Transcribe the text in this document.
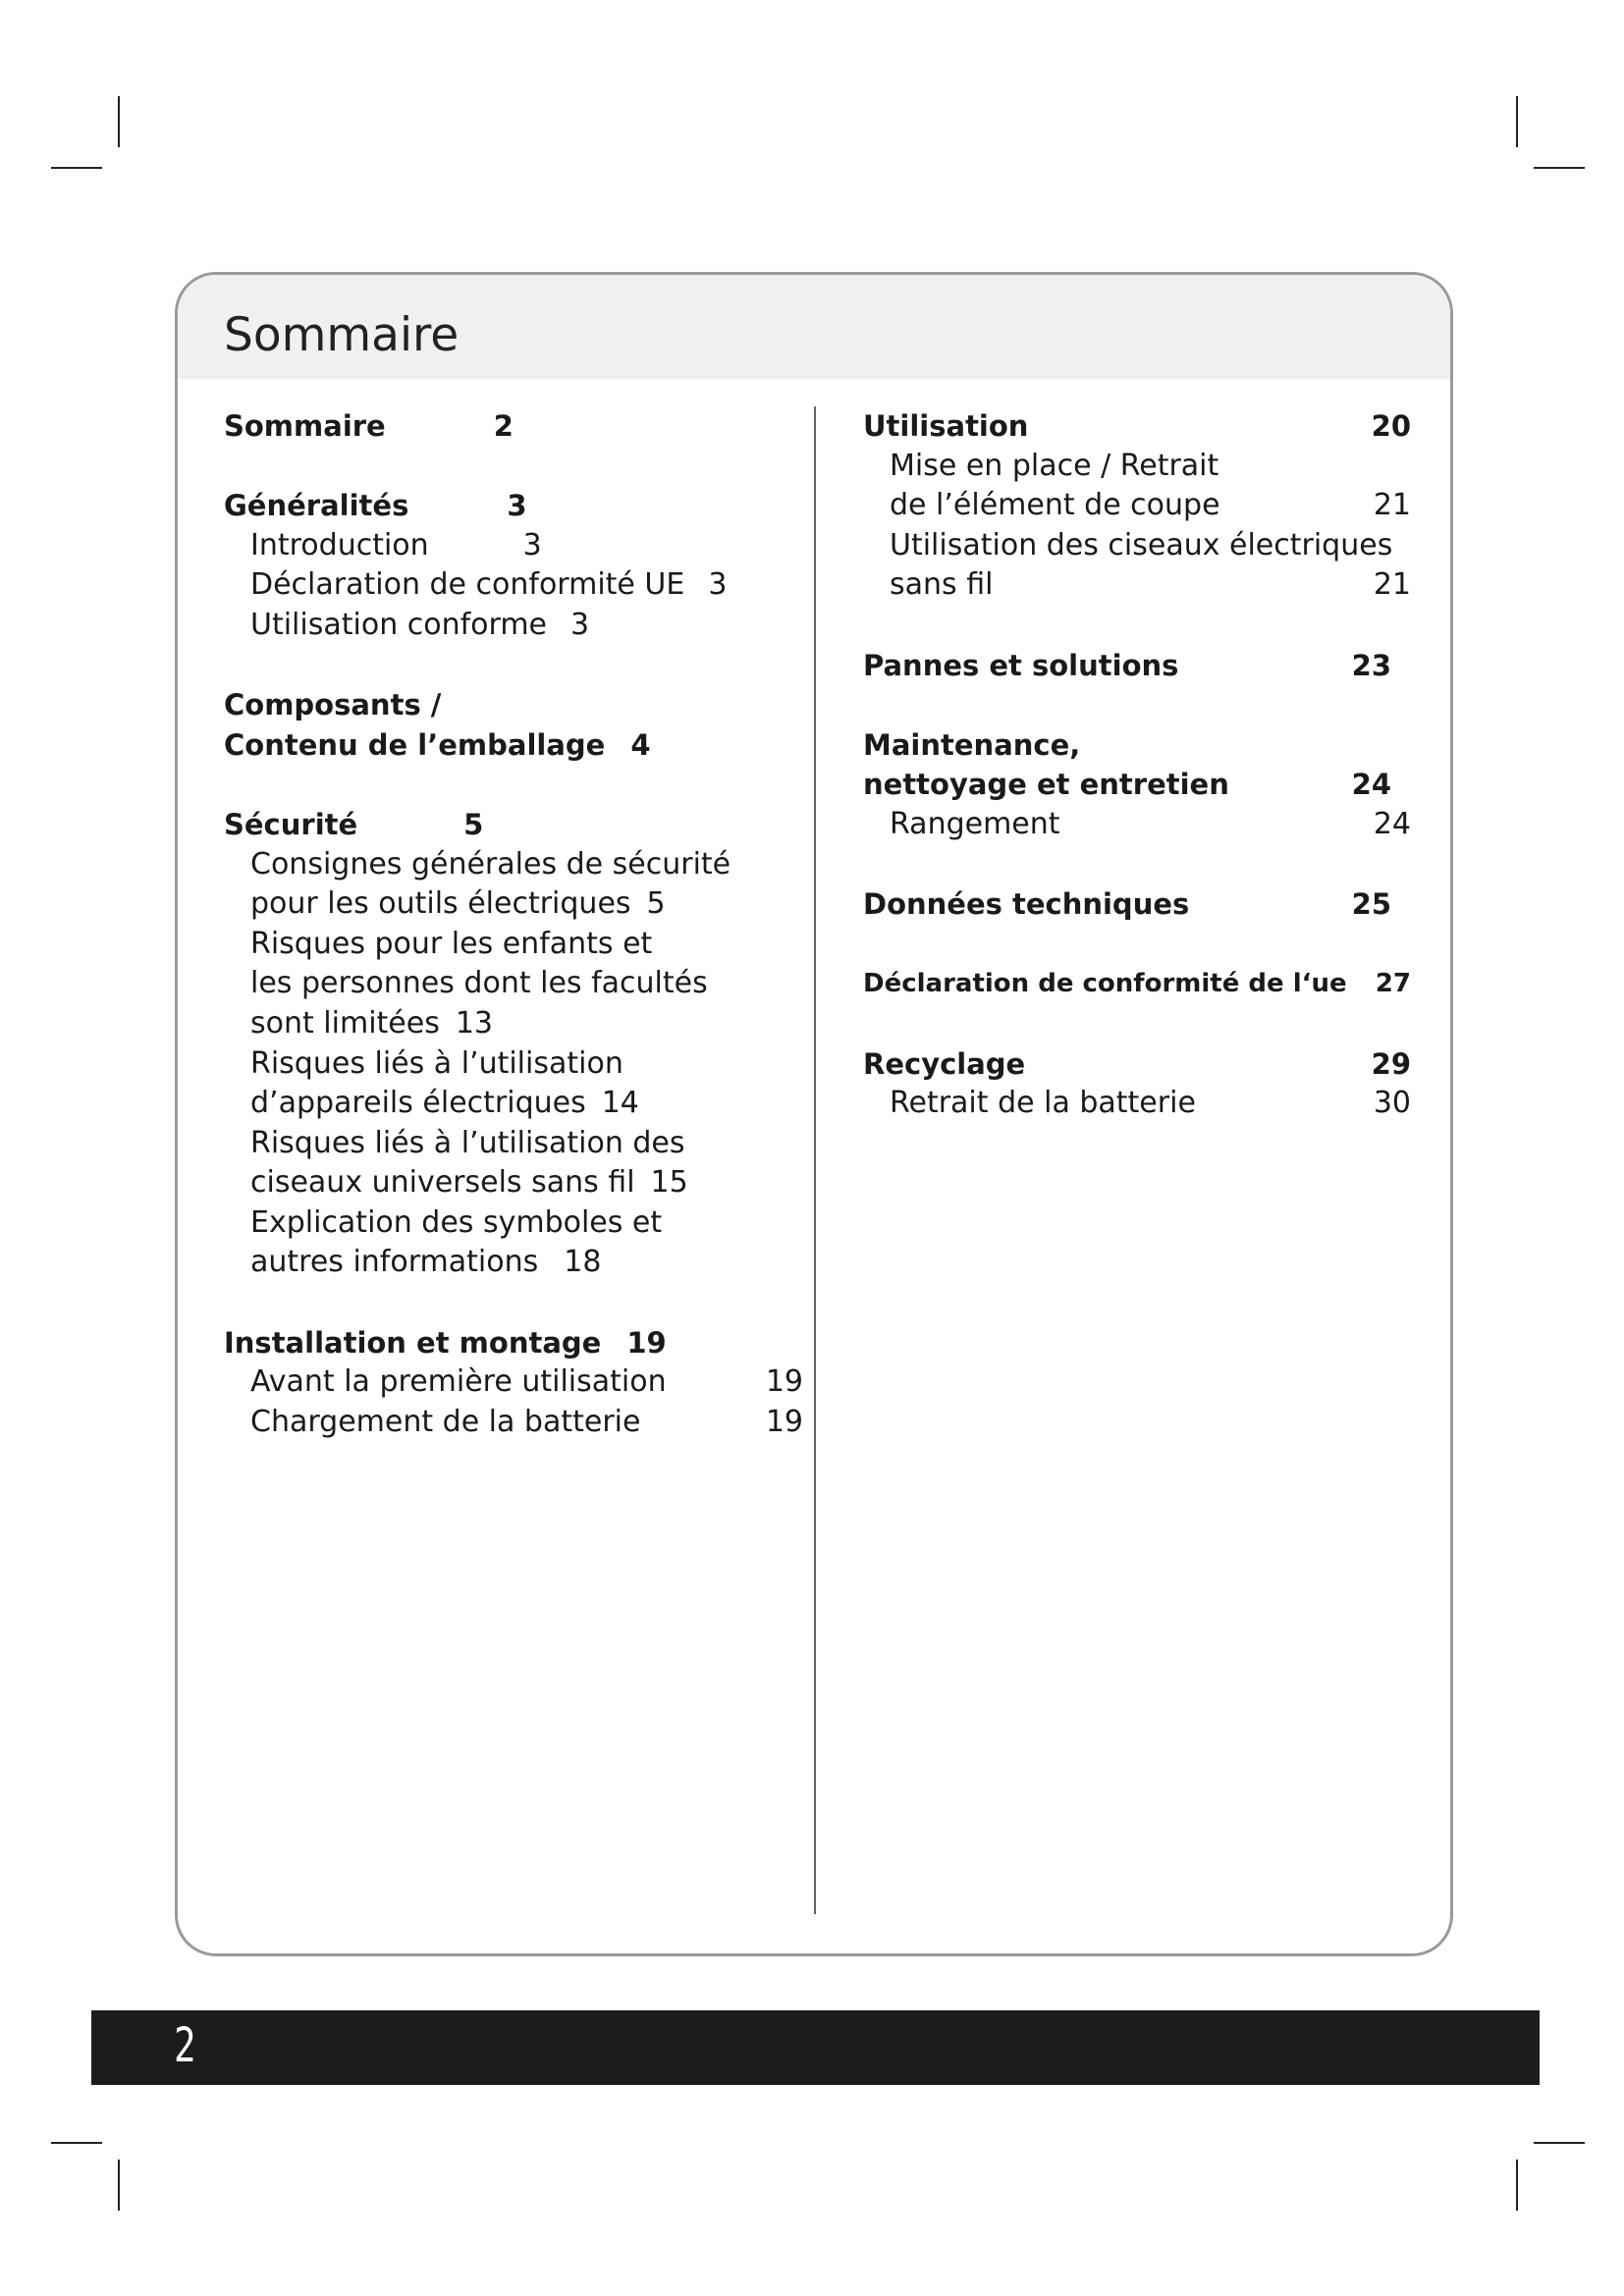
Sommaire
Sommaire	2
Généralités	3
Introduction	3
Déclaration de conformité UE 3
Utilisation conforme 3
Composants /
Contenu de l’emballage 4
Sécurité	5
Consignes générales de sécurité
pour les outils électriques 5
Risques pour les enfants et
les personnes dont les facultés
sont limitées 13
Risques liés à l’utilisation
d’appareils électriques 14
Risques liés à l’utilisation des
ciseaux universels sans fil 15
Explication des symboles et
autres informations 18
Installation et montage 19
Avant la première utilisation	19
Chargement de la batterie	19
Utilisation	20
Mise en place / Retrait
de l’élément de coupe	21
Utilisation des ciseaux électriques
sans fil	21
Pannes et solutions	23
Maintenance,
nettoyage et entretien	24
Rangement	24
Données techniques	25
Déclaration de conformité de l‘ue 27
Recyclage	29
Retrait de la batterie	30
2
